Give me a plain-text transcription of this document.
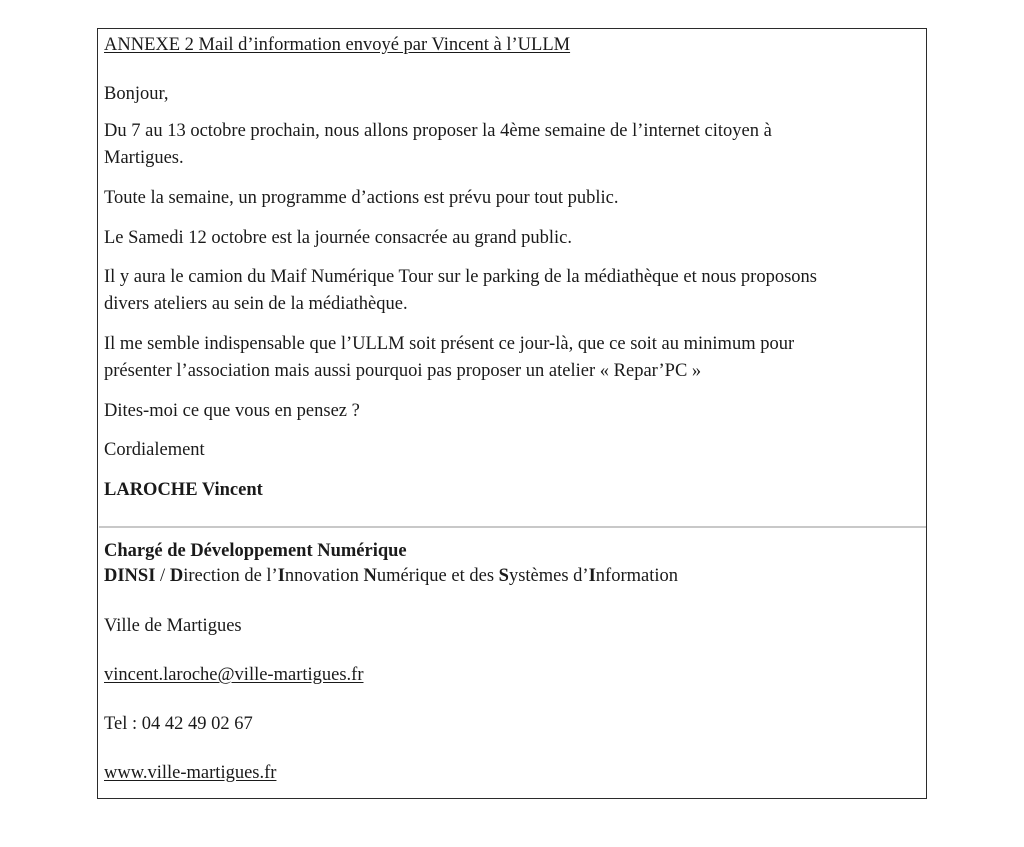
ANNEXE 2 Mail d’information envoyé par Vincent à l’ULLM

Bonjour,

Du 7 au 13 octobre prochain, nous allons proposer la 4ème semaine de l’internet citoyen à

Martigues.

Toute la semaine, un programme d’actions est prévu pour tout public.

Le Samedi 12 octobre est la journée consacrée au grand public.

Il y aura le camion du Maif Numérique Tour sur le parking de la médiathèque et nous proposons

divers ateliers au sein de la médiathèque.

Il me semble indispensable que l’ULLM soit présent ce jour-là, que ce soit au minimum pour

présenter l’association mais aussi pourquoi pas proposer un atelier « Repar’PC »

Dites-moi ce que vous en pensez ?

Cordialement

LAROCHE Vincent

Chargé de Développement Numérique

DINSI / Direction de l’Innovation Numérique et des Systèmes d’Information

Ville de Martigues

vincent.laroche@ville-martigues.fr

Tel : 04 42 49 02 67

www.ville-martigues.fr
